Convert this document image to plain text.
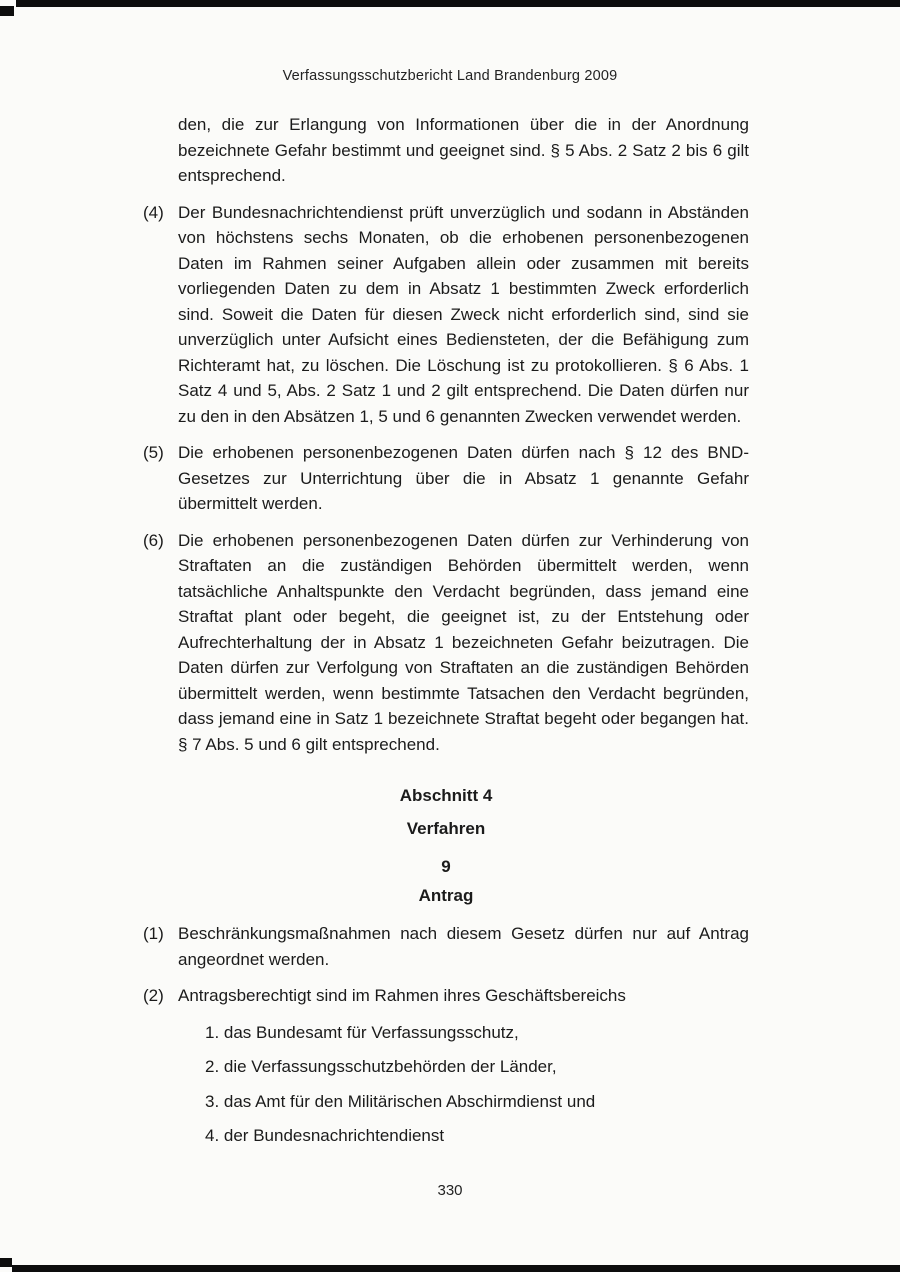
Verfassungsschutzbericht Land Brandenburg 2009

den, die zur Erlangung von Informationen über die in der Anordnung bezeichnete Gefahr bestimmt und geeignet sind. § 5 Abs. 2 Satz 2 bis 6 gilt entsprechend.

(4) Der Bundesnachrichtendienst prüft unverzüglich und sodann in Abständen von höchstens sechs Monaten, ob die erhobenen personenbezogenen Daten im Rahmen seiner Aufgaben allein oder zusammen mit bereits vorliegenden Daten zu dem in Absatz 1 bestimmten Zweck erforderlich sind. Soweit die Daten für diesen Zweck nicht erforderlich sind, sind sie unverzüglich unter Aufsicht eines Bediensteten, der die Befähigung zum Richteramt hat, zu löschen. Die Löschung ist zu protokollieren. § 6 Abs. 1 Satz 4 und 5, Abs. 2 Satz 1 und 2 gilt entsprechend. Die Daten dürfen nur zu den in den Absätzen 1, 5 und 6 genannten Zwecken verwendet werden.
(5) Die erhobenen personenbezogenen Daten dürfen nach § 12 des BND-Gesetzes zur Unterrichtung über die in Absatz 1 genannte Gefahr übermittelt werden.
(6) Die erhobenen personenbezogenen Daten dürfen zur Verhinderung von Straftaten an die zuständigen Behörden übermittelt werden, wenn tatsächliche Anhaltspunkte den Verdacht begründen, dass jemand eine Straftat plant oder begeht, die geeignet ist, zu der Entstehung oder Aufrechterhaltung der in Absatz 1 bezeichneten Gefahr beizutragen. Die Daten dürfen zur Verfolgung von Straftaten an die zuständigen Behörden übermittelt werden, wenn bestimmte Tatsachen den Verdacht begründen, dass jemand eine in Satz 1 bezeichnete Straftat begeht oder begangen hat. § 7 Abs. 5 und 6 gilt entsprechend.
Abschnitt 4
Verfahren
9
Antrag
(1) Beschränkungsmaßnahmen nach diesem Gesetz dürfen nur auf Antrag angeordnet werden.
(2) Antragsberechtigt sind im Rahmen ihres Geschäftsbereichs
1. das Bundesamt für Verfassungsschutz,
2. die Verfassungsschutzbehörden der Länder,
3. das Amt für den Militärischen Abschirmdienst und
4. der Bundesnachrichtendienst
330
